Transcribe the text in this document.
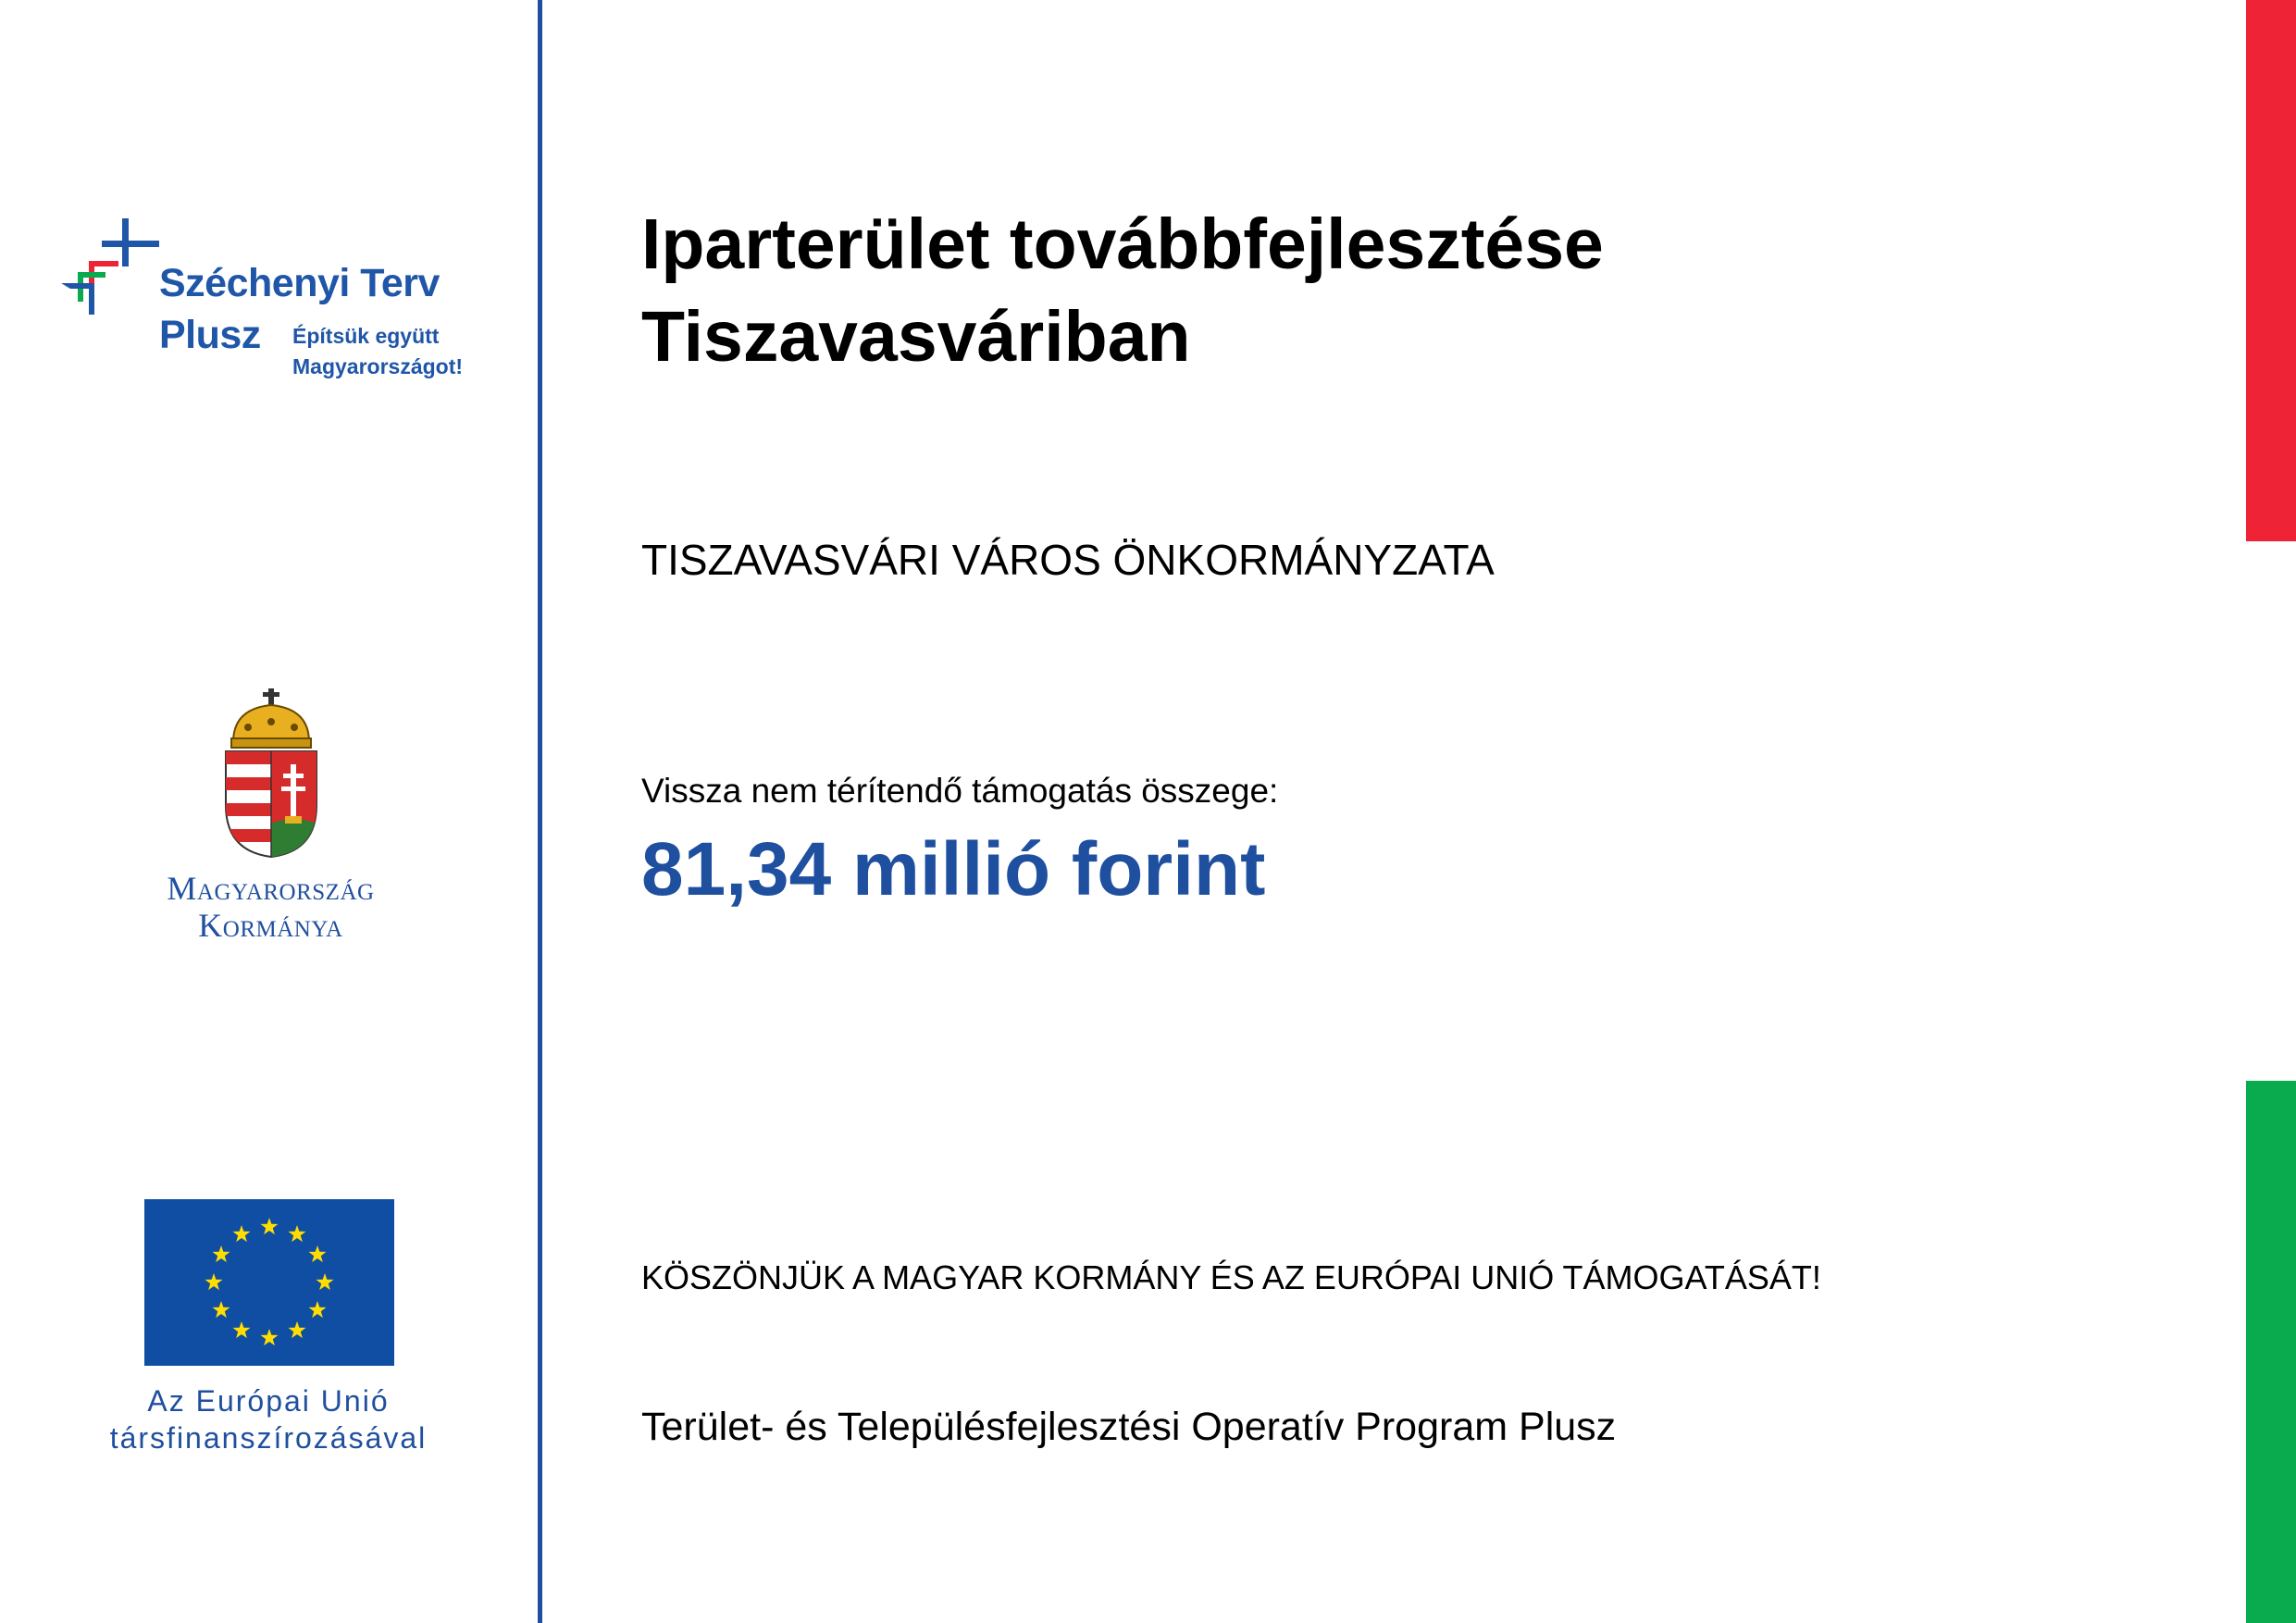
Széchenyi Terv
Plusz Építsük együtt
Magyarországot!
Magyarország
Kormánya
Az Európai Unió
társfinanszírozásával
Iparterület továbbfejlesztése
Tiszavasváriban
TISZAVASVÁRI VÁROS ÖNKORMÁNYZATA
Vissza nem térítendő támogatás összege:
81,34 millió forint
KÖSZÖNJÜK A MAGYAR KORMÁNY ÉS AZ EURÓPAI UNIÓ TÁMOGATÁSÁT!
Terület- és Településfejlesztési Operatív Program Plusz
